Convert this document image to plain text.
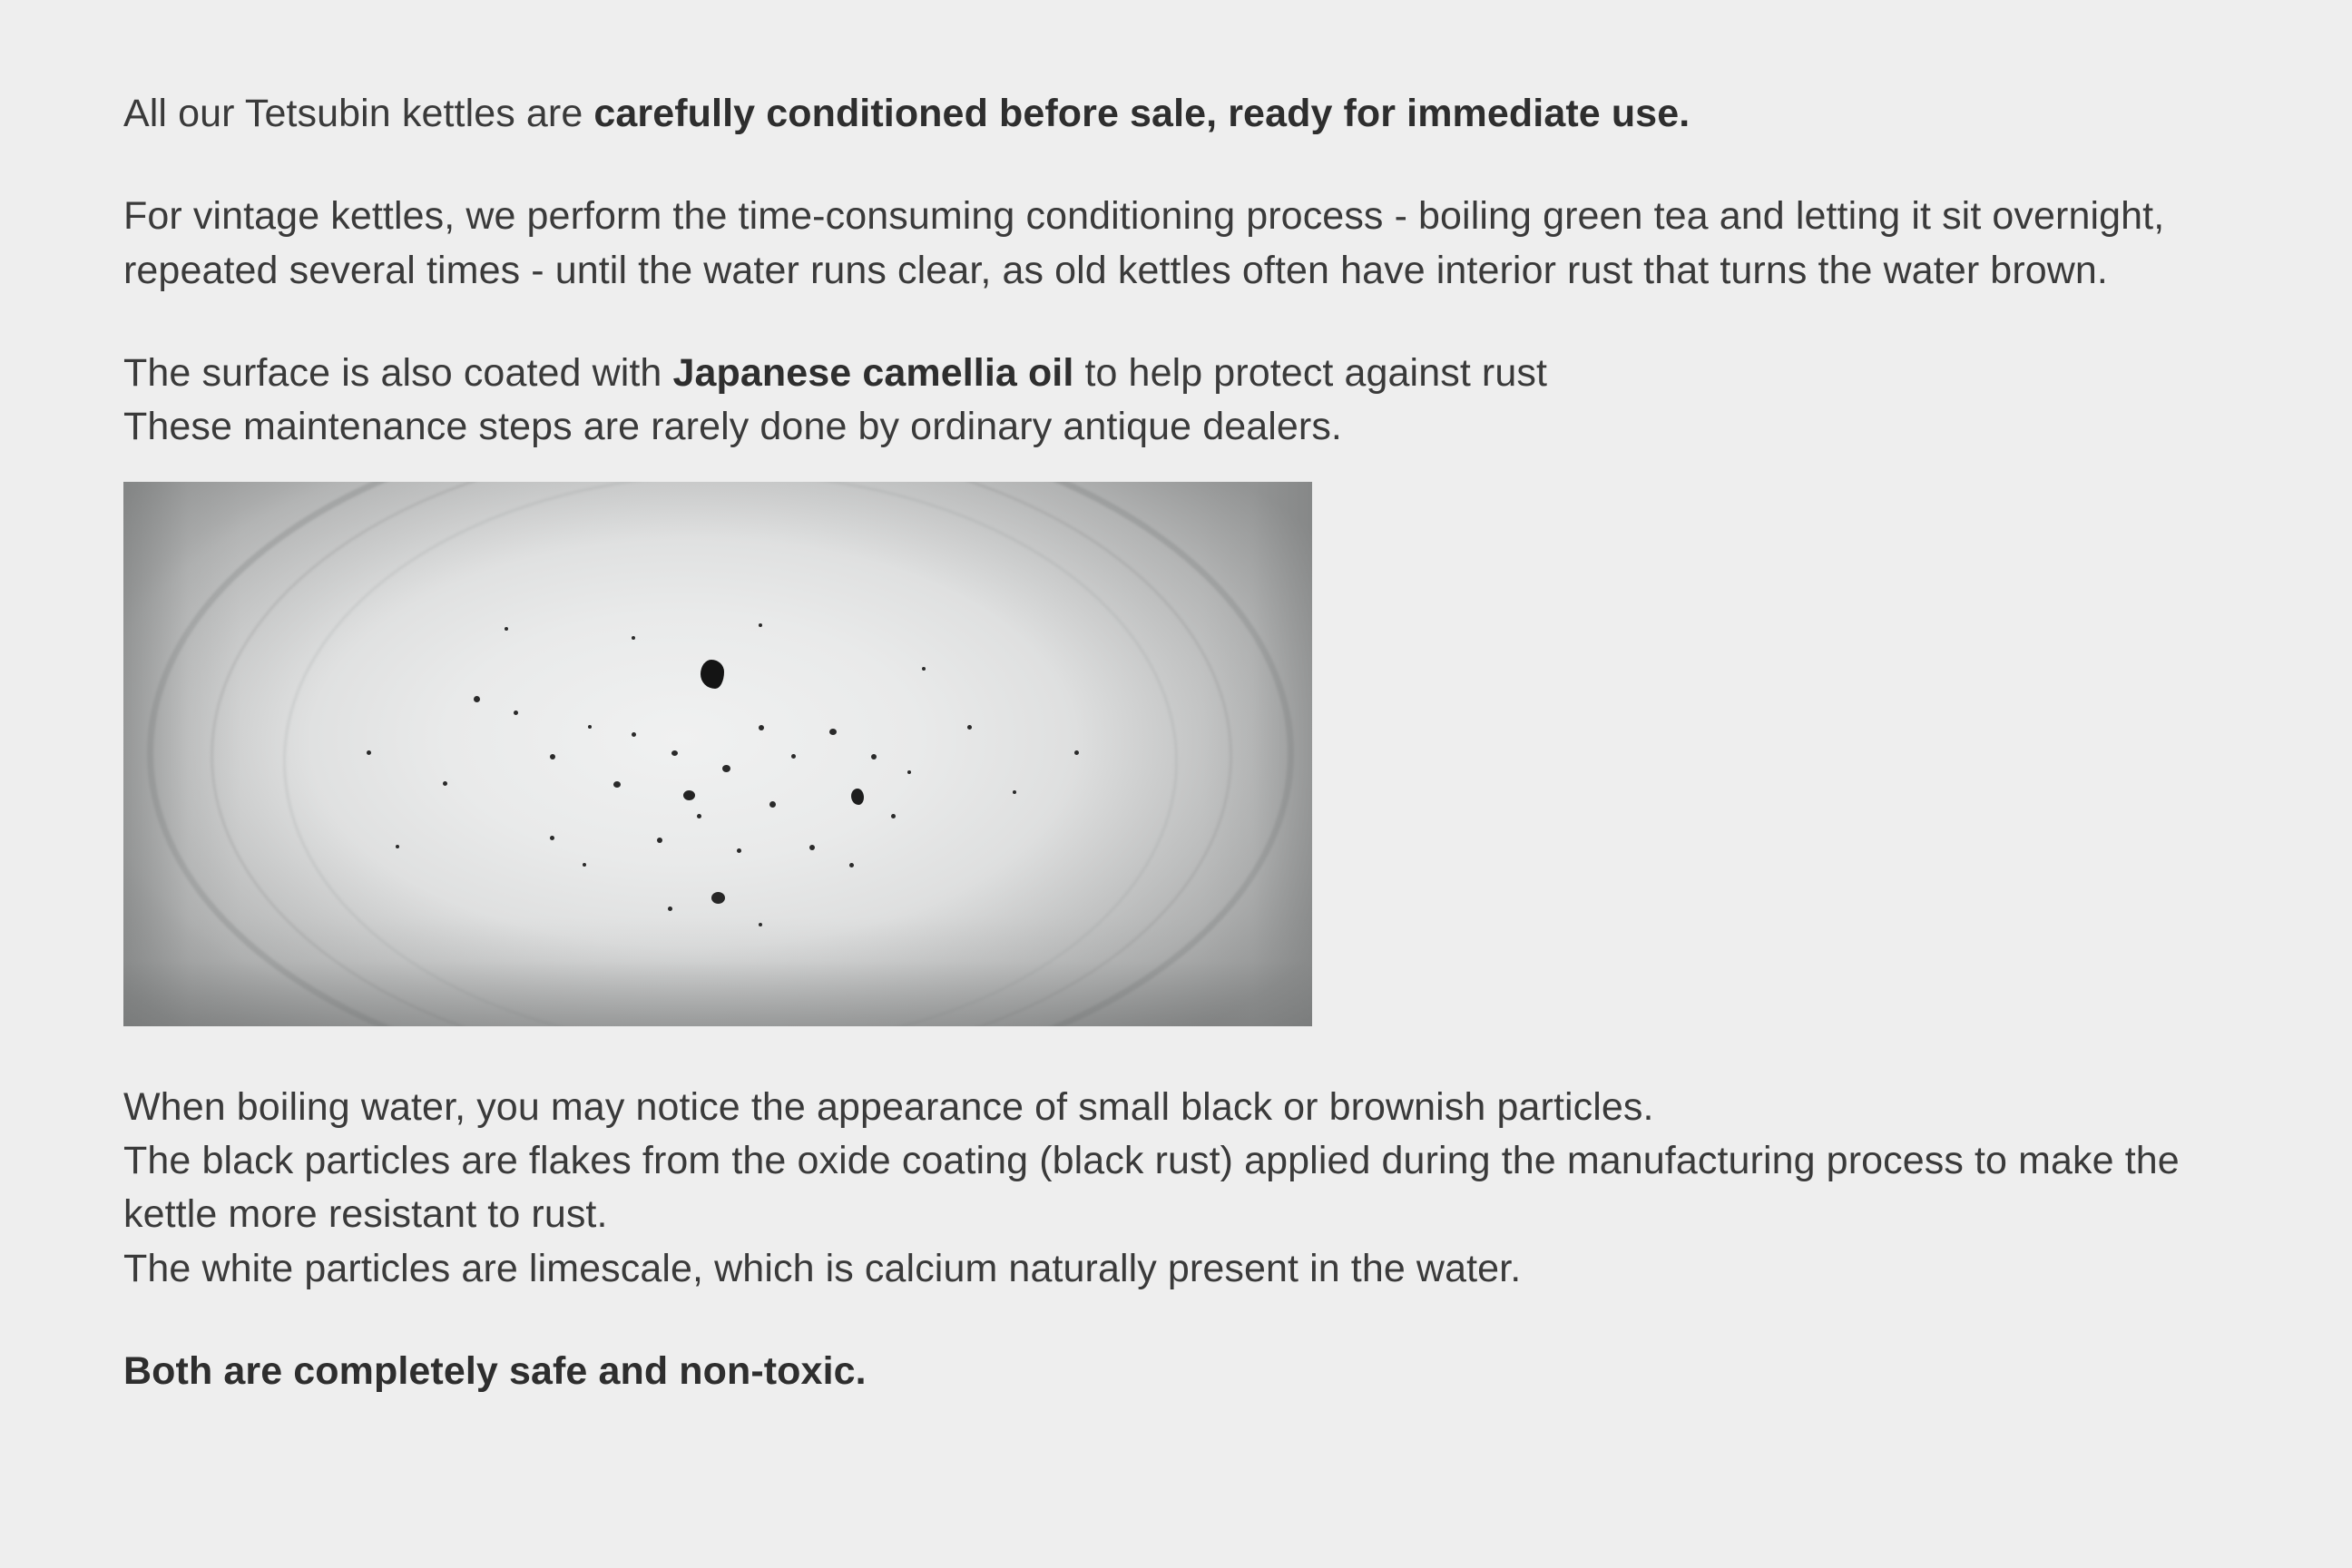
All our Tetsubin kettles are carefully conditioned before sale, ready for immediate use.

For vintage kettles, we perform the time-consuming conditioning process - boiling green tea and letting it sit overnight, repeated several times - until the water runs clear, as old kettles often have interior rust that turns the water brown.

The surface is also coated with Japanese camellia oil to help protect against rust
These maintenance steps are rarely done by ordinary antique dealers.

When boiling water, you may notice the appearance of small black or brownish particles.
The black particles are flakes from the oxide coating (black rust) applied during the manufacturing process to make the kettle more resistant to rust.
The white particles are limescale, which is calcium naturally present in the water.

Both are completely safe and non-toxic.
